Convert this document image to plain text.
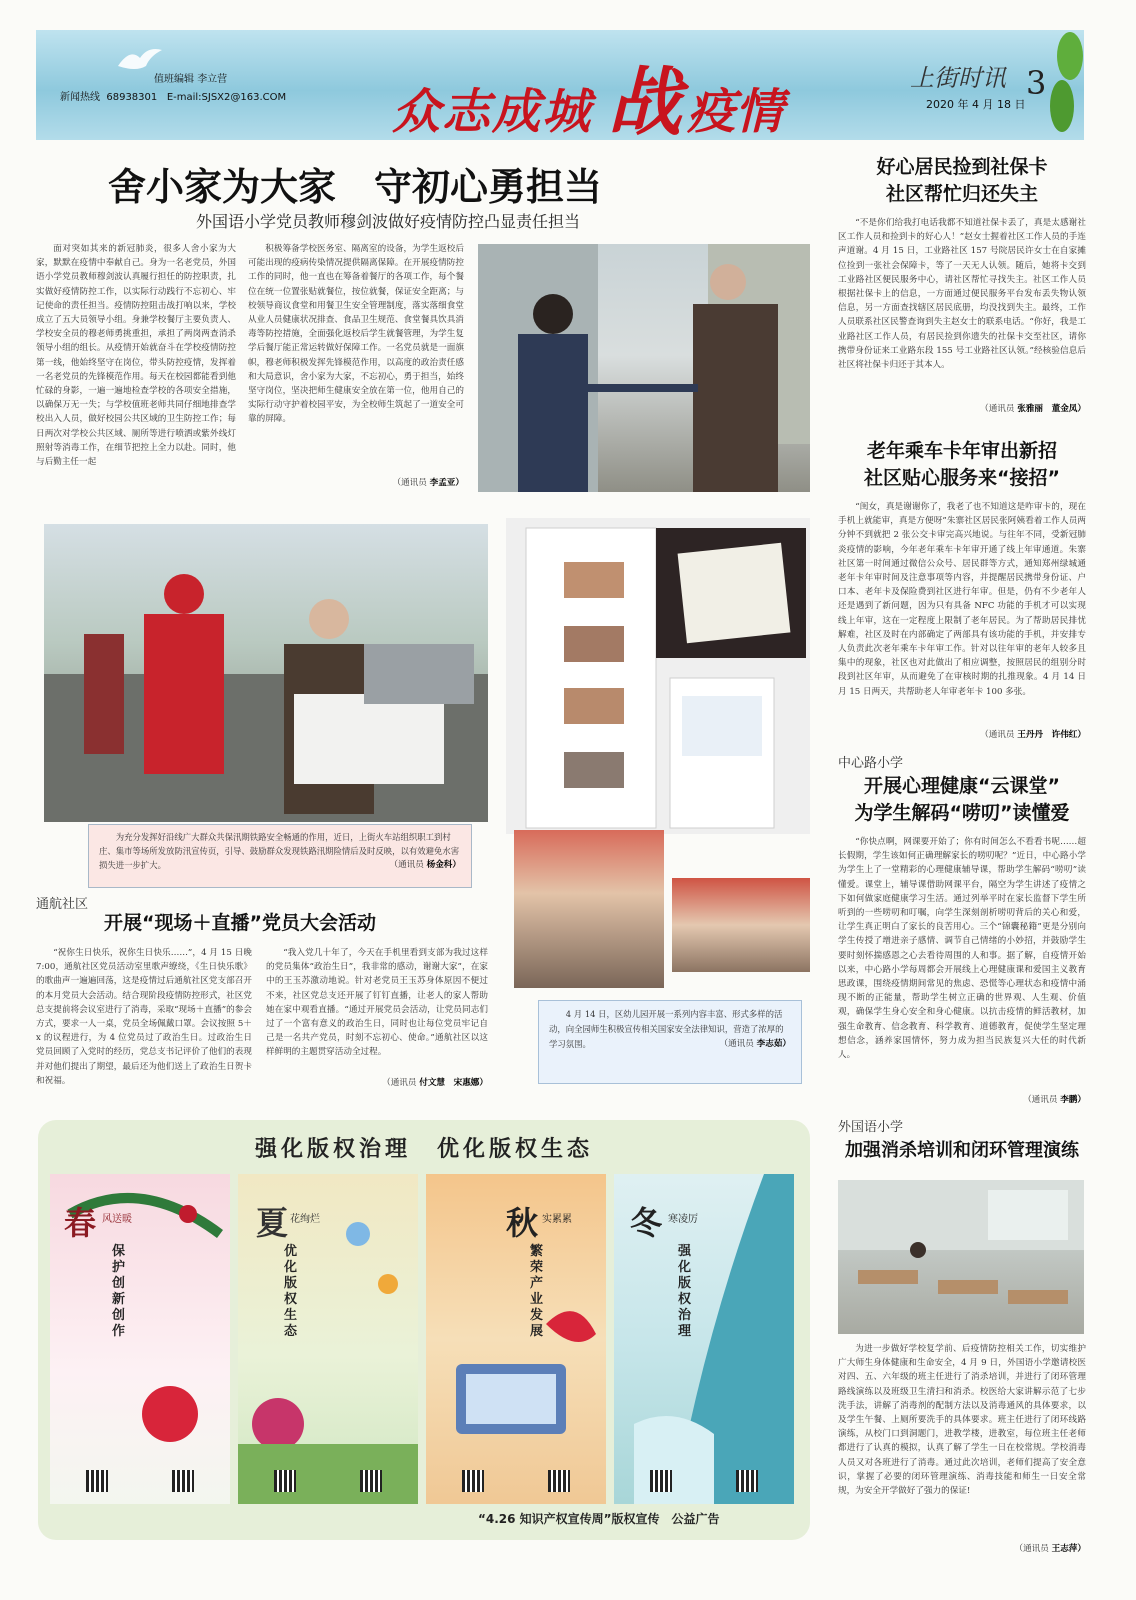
值班编辑 李立营
新闻热线 68938301 E-mail:SJSX2@163.COM 众志成城 战 疫情
上街时讯 3
2020 年 4 月 18 日
舍小家为大家　守初心勇担当
外国语小学党员教师穆剑波做好疫情防控凸显责任担当
面对突如其来的新冠肺炎，很多人舍小家为大家，默默在疫情中奉献自己。身为一名老党员，外国语小学党员教师穆剑波认真履行担任的防控职责，扎实做好疫情防控工作，以实际行动践行不忘初心、牢记使命的责任担当。疫情防控阻击战打响以来，学校成立了五大员领导小组。身兼学校餐厅主要负责人、学校安全员的穆老师勇挑重担，承担了两岗两查消杀领导小组的组长。从疫情开始就奋斗在学校疫情防控第一线，他始终坚守在岗位，带头防控疫情，发挥着一名老党员的先锋模范作用。每天在校园都能看到他忙碌的身影，一遍一遍地检查学校的各项安全措施，以确保万无一失；与学校值班老师共同仔细地排查学校出入人员，做好校园公共区域的卫生防控工作；每日两次对学校公共区域、厕所等进行喷洒或紫外线灯照射等消毒工作，在细节把控上全力以赴。同时，他与后勤主任一起
积极筹备学校医务室、隔离室的设备，为学生返校后可能出现的疫病传染情况提供隔离保障。在开展疫情防控工作的同时，他一直也在筹备着餐厅的各项工作，每个餐位在统一位置张贴就餐位，按位就餐，保证安全距离；与校领导商议食堂和用餐卫生安全管理制度，落实落细食堂从业人员健康状况排查、食品卫生规范、食堂餐具饮具消毒等防控措施，全面强化返校后学生就餐管理，为学生复学后餐厅能正常运转做好保障工作。一名党员就是一面旗帜，穆老师积极发挥先锋模范作用，以高度的政治责任感和大局意识，舍小家为大家，不忘初心，勇于担当，始终坚守岗位，坚决把师生健康安全放在第一位，他用自己的实际行动守护着校园平安，为全校师生筑起了一道安全可靠的屏障。
（通讯员 李孟亚）
为充分发挥好沿线广大群众共保汛期铁路安全畅通的作用，近日，上街火车站组织职工到村庄、集市等场所发放防汛宣传页，引导、鼓励群众发现铁路汛期险情后及时反映，以有效避免水害损失进一步扩大。	（通讯员 杨金科）
4 月 14 日，区幼儿园开展一系列内容丰富、形式多样的活动，向全园师生积极宣传相关国家安全法律知识，营造了浓厚的学习氛围。	（通讯员 李志茹）
通航社区
开展“现场＋直播”党员大会活动
“祝你生日快乐，祝你生日快乐……”，4 月 15 日晚 7:00，通航社区党员活动室里歌声缭绕，《生日快乐歌》的歌曲声一遍遍回荡，这是疫情过后通航社区党支部召开的本月党员大会活动。结合现阶段疫情防控形式，社区党总支提前将会议室进行了消毒，采取“现场＋直播”的参会方式，要求一人一桌，党员全场佩戴口罩。会议按照 5＋x 的议程进行，为 4 位党员过了政治生日。过政治生日党员回顾了入党时的经历，党总支书记评价了他们的表现并对他们提出了期望，最后还为他们送上了政治生日贺卡和祝福。
“我入党几十年了，今天在手机里看到支部为我过这样的党员集体“政治生日”，我非常的感动，谢谢大家”，在家中的王玉苏激动地说。针对老党员王玉苏身体原因不便过不来，社区党总支还开展了钉钉直播，让老人的家人帮助她在家中观看直播。“通过开展党员会活动，让党员同志们过了一个富有意义的政治生日，同时也让每位党员牢记自己是一名共产党员，时刻不忘初心、使命。”通航社区以这样鲜明的主题贯穿活动全过程。
（通讯员 付文慧　宋惠娜）
强化版权治理　优化版权生态
春 风送暖
保护创新创作
夏 花绚烂
优化版权生态
秋 实累累
繁荣产业发展
冬 寒凌厉
强化版权治理
“4.26 知识产权宣传周”版权宣传　公益广告
好心居民捡到社保卡
社区帮忙归还失主
“不是你们给我打电话我都不知道社保卡丢了，真是太感谢社区工作人员和捡到卡的好心人！”赵女士握着社区工作人员的手连声道谢。4 月 15 日，工业路社区 157 号院居民许女士在自家摊位捡到一张社会保障卡，等了一天无人认领。随后，她将卡交到工业路社区便民服务中心，请社区帮忙寻找失主。社区工作人员根据社保卡上的信息，一方面通过便民服务平台发布丢失物认领信息，另一方面查找辖区居民底册，均没找到失主。最终，工作人员联系社区民警查询到失主赵女士的联系电话。“你好，我是工业路社区工作人员，有居民捡到你遗失的社保卡交至社区，请你携带身份证来工业路东段 155 号工业路社区认领。”经核验信息后社区将社保卡归还于其本人。
（通讯员 张雅丽　董金凤）
老年乘车卡年审出新招
社区贴心服务来“接招”
“闺女，真是谢谢你了，我老了也不知道这是咋审卡的，现在手机上就能审，真是方便呀”朱寨社区居民张阿姨看着工作人员两分钟不到就把 2 张公交卡审完高兴地说。与往年不同，受新冠肺炎疫情的影响，今年老年乘车卡年审开通了线上年审通道。朱寨社区第一时间通过微信公众号、居民群等方式，通知郑州绿城通老年卡年审时间及注意事项等内容，并提醒居民携带身份证、户口本、老年卡及保险费到社区进行年审。但是，仍有不少老年人还是遇到了新问题，因为只有具备 NFC 功能的手机才可以实现线上年审，这在一定程度上限制了老年居民。为了帮助居民排忧解难，社区及时在内部确定了两部具有该功能的手机，并安排专人负责此次老年乘车卡年审工作。针对以往年审的老年人较多且集中的现象，社区也对此做出了相应调整，按照居民的组别分时段到社区年审，从而避免了在审核时期的扎推现象。4 月 14 日月 15 日两天，共帮助老人年审老年卡 100 多张。
（通讯员 王丹丹　许伟红）
中心路小学
开展心理健康“云课堂”
为学生解码“唠叨”读懂爱
“你快点啊，网课要开始了；你有时间怎么不看看书呢……超长假期，学生该如何正确理解家长的唠叨呢？”近日，中心路小学为学生上了一堂精彩的心理健康辅导课，帮助学生解码“唠叨”读懂爱。课堂上，辅导课借助网课平台，隔空为学生讲述了疫情之下如何做家庭健康学习生活。通过列举平时在家长监督下学生所听到的一些唠叨和叮嘱，向学生深刻剖析唠叨背后的关心和爱，让学生真正明白了家长的良苦用心。三个“锦囊秘籍”更是分别向学生传授了增进亲子感情、调节自己情绪的小妙招，并鼓励学生要时刻怀揣感恩之心去看待周围的人和事。据了解，自疫情开始以来，中心路小学每周都会开展线上心理健康课和爱国主义教育思政课，围绕疫情期间常见的焦虑、恐慌等心理状态和疫情中涌现不断的正能量，帮助学生树立正确的世界观、人生观、价值观，确保学生身心安全和身心健康。以抗击疫情的鲜活教材，加强生命教育、信念教育、科学教育、道德教育，促使学生坚定理想信念，涵养家国情怀，努力成为担当民族复兴大任的时代新人。
（通讯员 李鹏）
外国语小学
加强消杀培训和闭环管理演练
为进一步做好学校复学前、后疫情防控相关工作，切实维护广大师生身体健康和生命安全，4 月 9 日，外国语小学邀请校医对四、五、六年级的班主任进行了消杀培训，并进行了闭环管理路线演练以及班级卫生清扫和消杀。校医给大家讲解示范了七步洗手法，讲解了消毒剂的配制方法以及消毒通风的具体要求，以及学生午餐、上厕所要洗手的具体要求。班主任进行了闭环线路演练，从校门口到洞题门，进教学楼，进教室，每位班主任老师都进行了认真的模拟，认真了解了学生一日在校常规。学校消毒人员又对各班进行了消毒。通过此次培训，老师们提高了安全意识，掌握了必要的闭环管理演练、消毒技能和师生一日安全常规，为安全开学做好了强力的保证!
（通讯员 王志萍）
